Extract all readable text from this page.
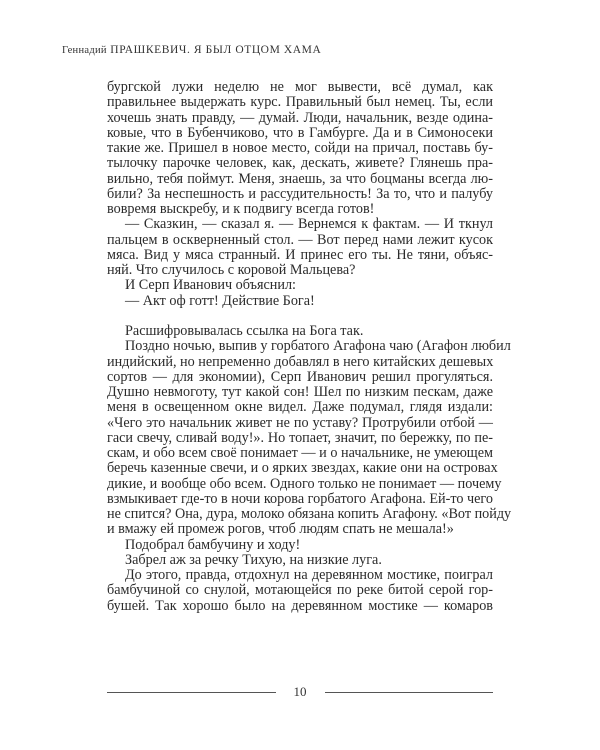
Геннадий ПРАШКЕВИЧ. Я БЫЛ ОТЦОМ ХАМА
бургской лужи неделю не мог вывести, всё думал, как
правильнее выдержать курс. Правильный был немец. Ты, если
хочешь знать правду, — думай. Люди, начальник, везде одина-
ковые, что в Бубенчиково, что в Гамбурге. Да и в Симоносеки
такие же. Пришел в новое место, сойди на причал, поставь бу-
тылочку парочке человек, как, дескать, живете? Глянешь пра-
вильно, тебя поймут. Меня, знаешь, за что боцманы всегда лю-
били? За неспешность и рассудительность! За то, что и палубу
вовремя выскребу, и к подвигу всегда готов!
— Сказкин, — сказал я. — Вернемся к фактам. — И ткнул
пальцем в оскверненный стол. — Вот перед нами лежит кусок
мяса. Вид у мяса странный. И принес его ты. Не тяни, объяс-
няй. Что случилось с коровой Мальцева?
И Серп Иванович объяснил:
— Акт оф готт! Действие Бога!
Расшифровывалась ссылка на Бога так.
Поздно ночью, выпив у горбатого Агафона чаю (Агафон любил
индийский, но непременно добавлял в него китайских дешевых
сортов — для экономии), Серп Иванович решил прогуляться.
Душно невмоготу, тут какой сон! Шел по низким пескам, даже
меня в освещенном окне видел. Даже подумал, глядя издали:
«Чего это начальник живет не по уставу? Протрубили отбой —
гаси свечу, сливай воду!». Но топает, значит, по бережку, по пе-
скам, и обо всем своё понимает — и о начальнике, не умеющем
беречь казенные свечи, и о ярких звездах, какие они на островах
дикие, и вообще обо всем. Одного только не понимает — почему
взмыкивает где-то в ночи корова горбатого Агафона. Ей-то чего
не спится? Она, дура, молоко обязана копить Агафону. «Вот пойду
и вмажу ей промеж рогов, чтоб людям спать не мешала!»
Подобрал бамбучину и ходу!
Забрел аж за речку Тихую, на низкие луга.
До этого, правда, отдохнул на деревянном мостике, поиграл
бамбучиной со снулой, мотающейся по реке битой серой гор-
бушей. Так хорошо было на деревянном мостике — комаров
10
